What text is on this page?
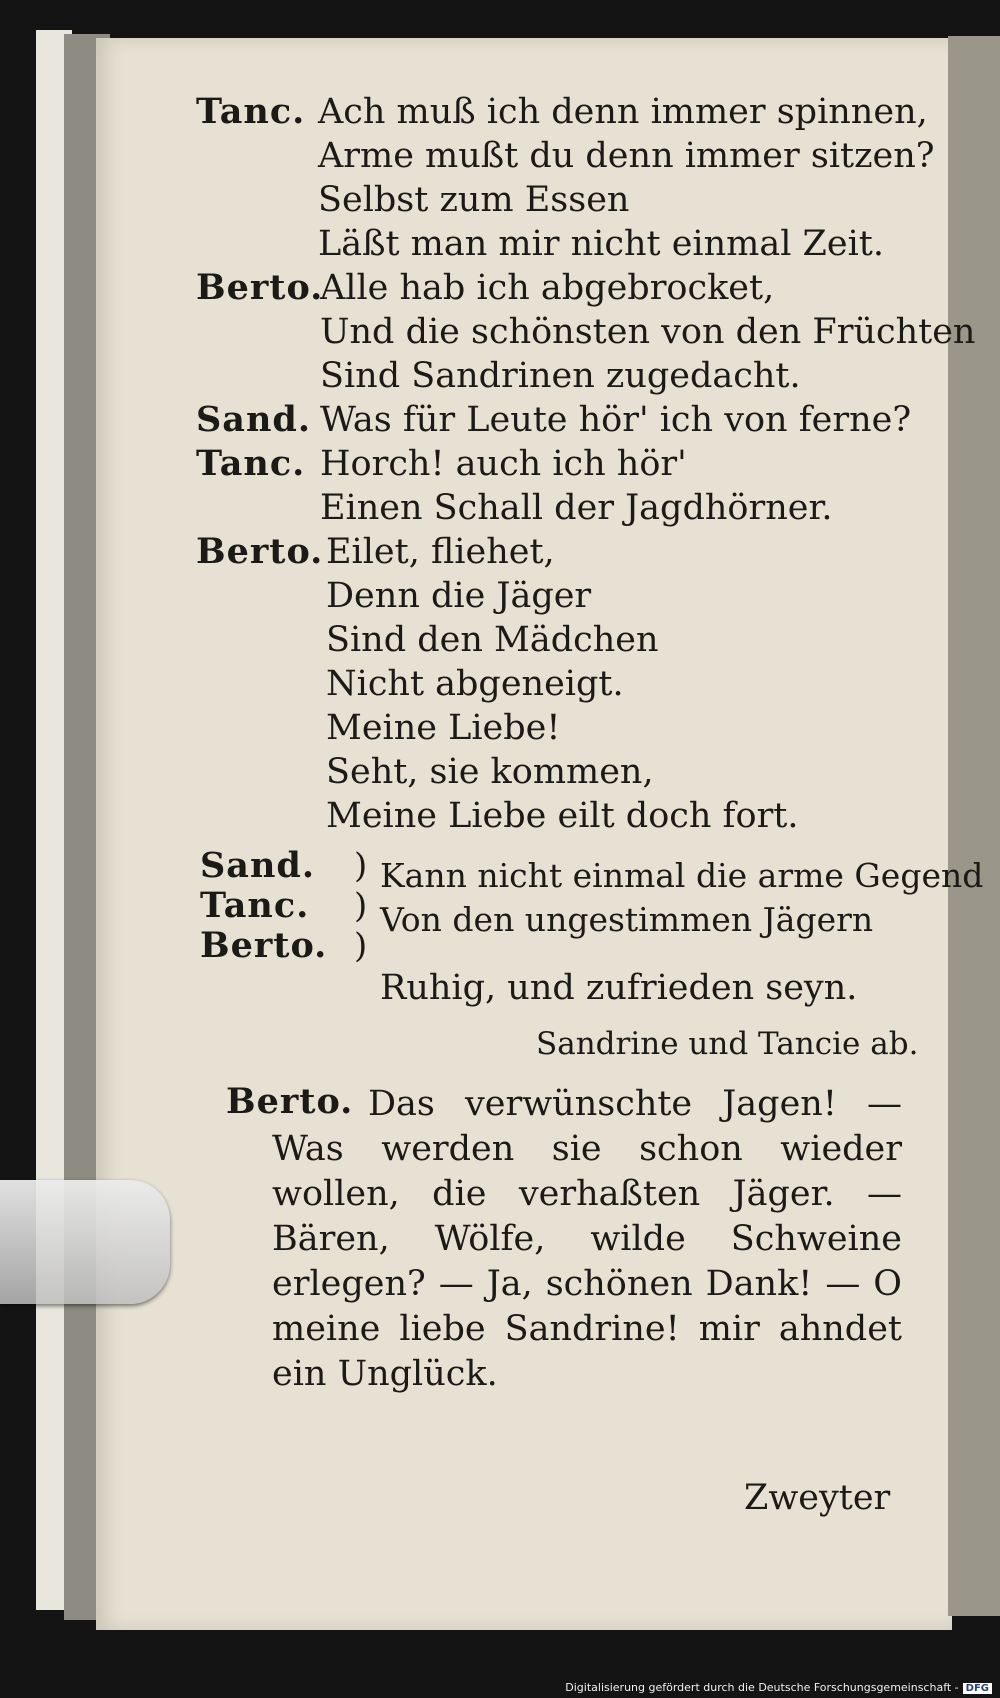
Tanc. Ach muß ich denn immer spinnen,
Arme mußt du denn immer sitzen?
Selbst zum Essen
Läßt man mir nicht einmal Zeit.
Berto.
Alle hab ich abgebrocket,
Und die schönsten von den Früchten
Sind Sandrinen zugedacht.
Sand. Was für Leute hör' ich von ferne?
Tanc. Horch! auch ich hör'
Einen Schall der Jagdhörner.
Berto. Eilet, fliehet,
Denn die Jäger
Sind den Mädchen
Nicht abgeneigt.
Meine Liebe!
Seht, sie kommen,
Meine Liebe eilt doch fort.
Sand.
Tanc.
Berto.
)
)
)
Kann nicht einmal die arme Gegend
Von den ungestimmen Jägern
Ruhig, und zufrieden seyn.
Sandrine und Tancie ab.
Berto. Das verwünschte Jagen! — Was werden sie schon wieder wollen, die verhaßten Jäger. — Bären, Wölfe, wilde Schweine erlegen? — Ja, schönen Dank! — O meine liebe Sandrine! mir ahndet ein Unglück.
Zweyter
Digitalisierung gefördert durch die Deutsche Forschungsgemeinschaft - DFG
